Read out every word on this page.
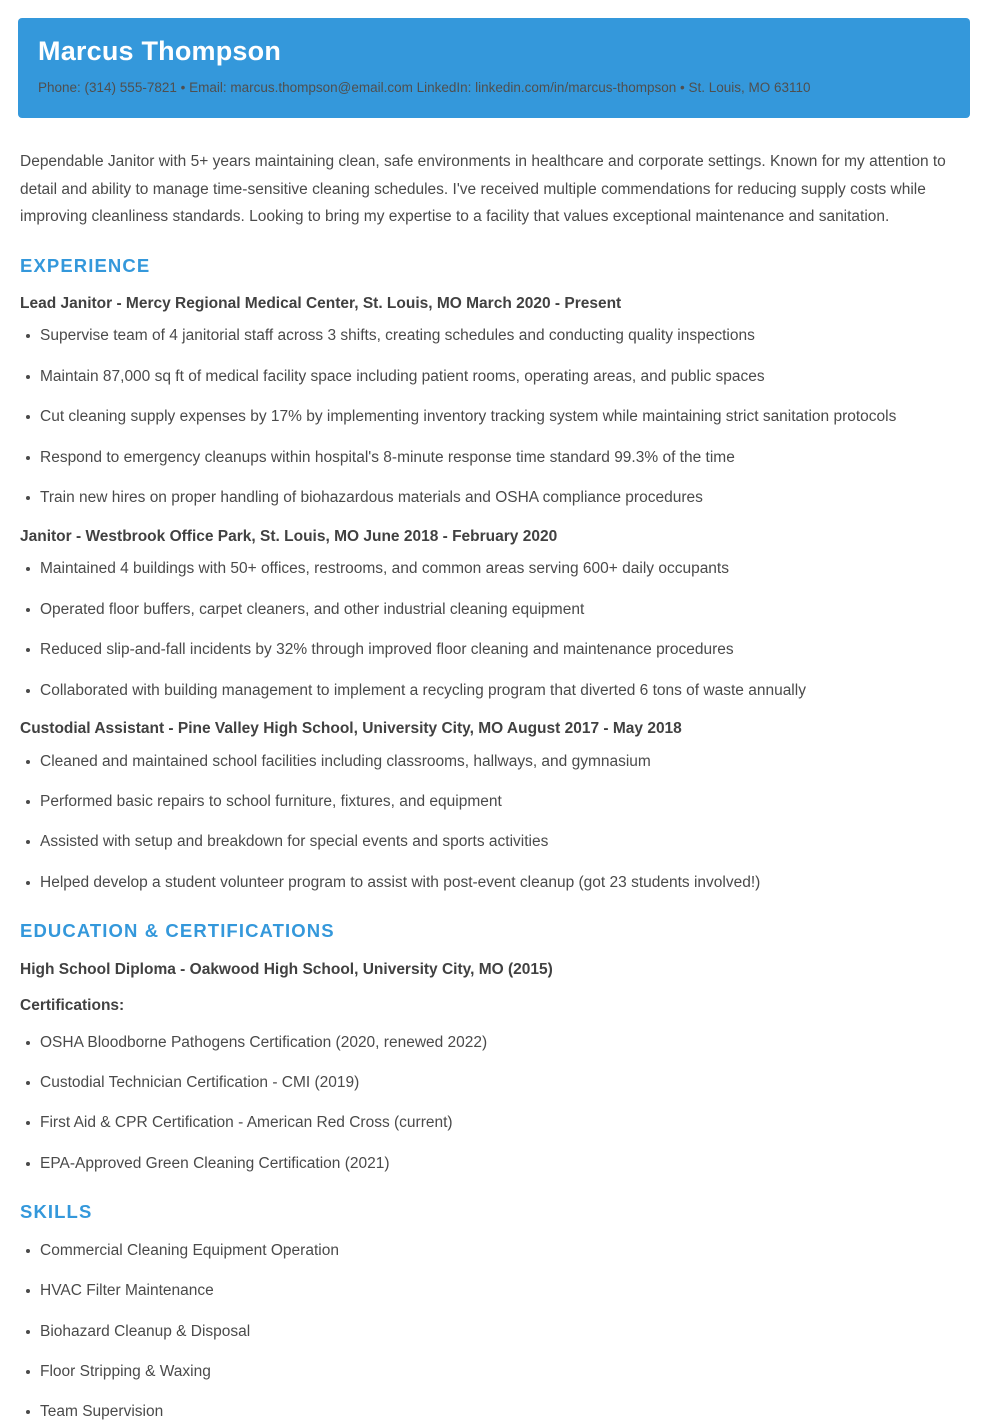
Marcus Thompson
Phone: (314) 555-7821 • Email: marcus.thompson@email.com LinkedIn: linkedin.com/in/marcus-thompson • St. Louis, MO 63110

Dependable Janitor with 5+ years maintaining clean, safe environments in healthcare and corporate settings. Known for my attention to detail and ability to manage time-sensitive cleaning schedules. I've received multiple commendations for reducing supply costs while improving cleanliness standards. Looking to bring my expertise to a facility that values exceptional maintenance and sanitation.

EXPERIENCE
Lead Janitor - Mercy Regional Medical Center, St. Louis, MO March 2020 - Present
Supervise team of 4 janitorial staff across 3 shifts, creating schedules and conducting quality inspections
Maintain 87,000 sq ft of medical facility space including patient rooms, operating areas, and public spaces
Cut cleaning supply expenses by 17% by implementing inventory tracking system while maintaining strict sanitation protocols
Respond to emergency cleanups within hospital's 8-minute response time standard 99.3% of the time
Train new hires on proper handling of biohazardous materials and OSHA compliance procedures
Janitor - Westbrook Office Park, St. Louis, MO June 2018 - February 2020
Maintained 4 buildings with 50+ offices, restrooms, and common areas serving 600+ daily occupants
Operated floor buffers, carpet cleaners, and other industrial cleaning equipment
Reduced slip-and-fall incidents by 32% through improved floor cleaning and maintenance procedures
Collaborated with building management to implement a recycling program that diverted 6 tons of waste annually
Custodial Assistant - Pine Valley High School, University City, MO August 2017 - May 2018
Cleaned and maintained school facilities including classrooms, hallways, and gymnasium
Performed basic repairs to school furniture, fixtures, and equipment
Assisted with setup and breakdown for special events and sports activities
Helped develop a student volunteer program to assist with post-event cleanup (got 23 students involved!)
EDUCATION & CERTIFICATIONS
High School Diploma - Oakwood High School, University City, MO (2015)
Certifications:
OSHA Bloodborne Pathogens Certification (2020, renewed 2022)
Custodial Technician Certification - CMI (2019)
First Aid & CPR Certification - American Red Cross (current)
EPA-Approved Green Cleaning Certification (2021)
SKILLS
Commercial Cleaning Equipment Operation
HVAC Filter Maintenance
Biohazard Cleanup & Disposal
Floor Stripping & Waxing
Team Supervision
